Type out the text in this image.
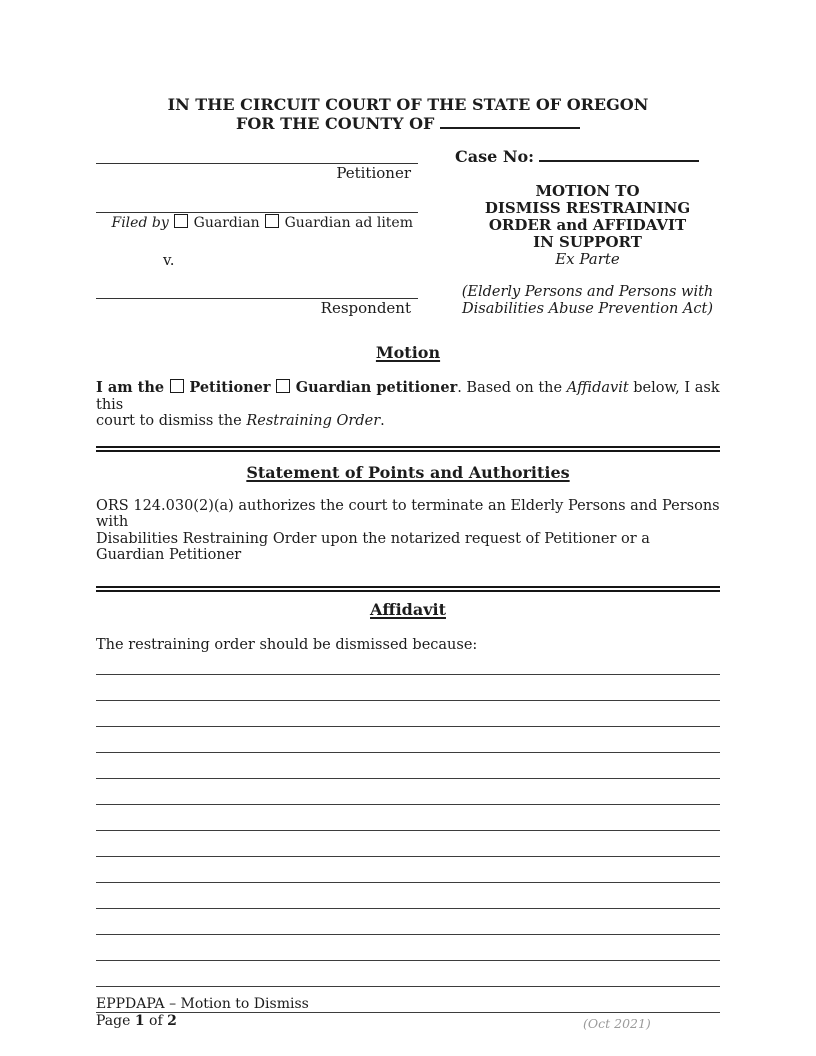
IN THE CIRCUIT COURT OF THE STATE OF OREGON
FOR THE COUNTY OF
Petitioner
Filed by Guardian Guardian ad litem
v.
Respondent
Case No:
MOTION TO
DISMISS RESTRAINING
ORDER and AFFIDAVIT
IN SUPPORT
Ex Parte
(Elderly Persons and Persons with
Disabilities Abuse Prevention Act)
Motion
I am the Petitioner Guardian petitioner. Based on the Affidavit below, I ask this
court to dismiss the Restraining Order.
Statement of Points and Authorities
ORS 124.030(2)(a) authorizes the court to terminate an Elderly Persons and Persons with
Disabilities Restraining Order upon the notarized request of Petitioner or a Guardian Petitioner
Affidavit
The restraining order should be dismissed because:
EPPDAPA – Motion to Dismiss
Page 1 of 2	(Oct 2021)
